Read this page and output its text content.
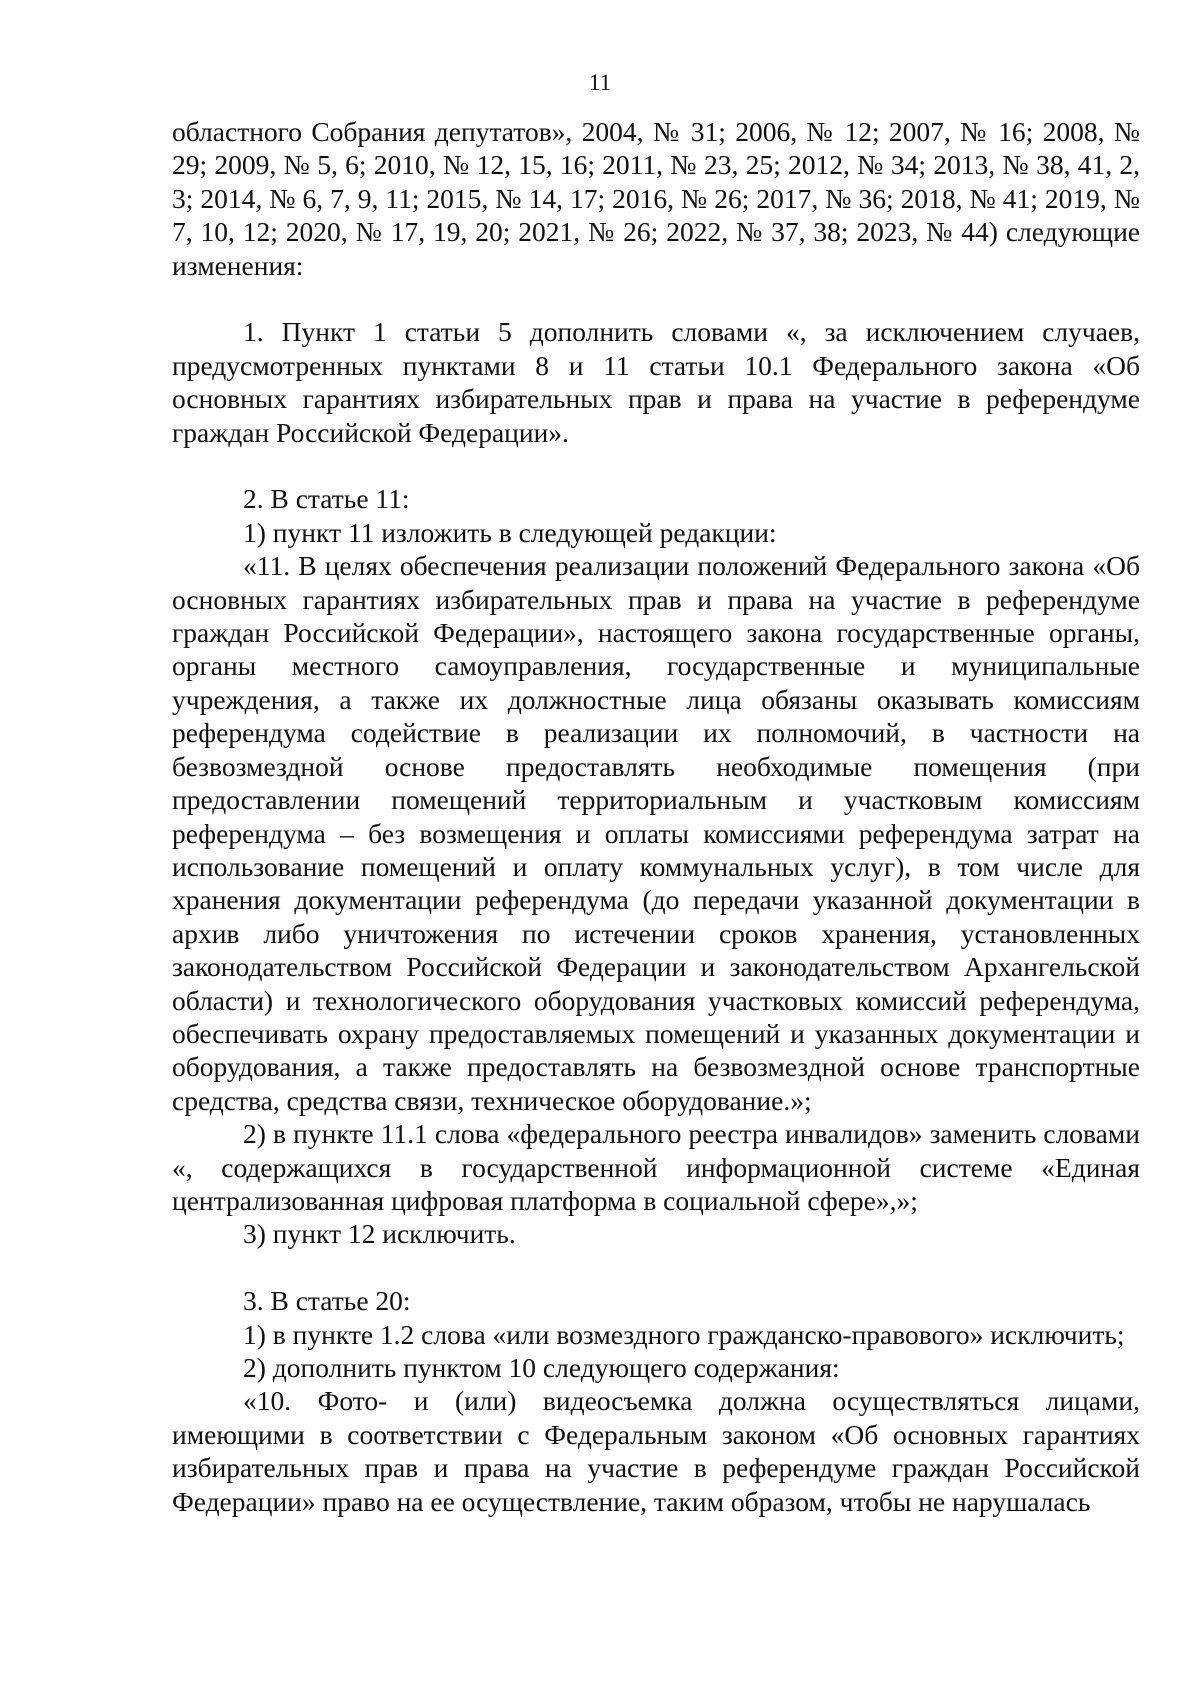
11

областного Собрания депутатов», 2004, № 31; 2006, № 12; 2007, № 16; 2008, № 29; 2009, № 5, 6; 2010, № 12, 15, 16; 2011, № 23, 25; 2012, № 34; 2013, № 38, 41, 2, 3; 2014, № 6, 7, 9, 11; 2015, № 14, 17; 2016, № 26; 2017, № 36; 2018, № 41; 2019, № 7, 10, 12; 2020, № 17, 19, 20; 2021, № 26; 2022, № 37, 38; 2023, № 44) следующие изменения:

1. Пункт 1 статьи 5 дополнить словами «, за исключением случаев, предусмотренных пунктами 8 и 11 статьи 10.1 Федерального закона «Об основных гарантиях избирательных прав и права на участие в референдуме граждан Российской Федерации».

2. В статье 11:

1) пункт 11 изложить в следующей редакции:

«11. В целях обеспечения реализации положений Федерального закона «Об основных гарантиях избирательных прав и права на участие в референдуме граждан Российской Федерации», настоящего закона государственные органы, органы местного самоуправления, государственные и муниципальные учреждения, а также их должностные лица обязаны оказывать комиссиям референдума содействие в реализации их полномочий, в частности на безвозмездной основе предоставлять необходимые помещения (при предоставлении помещений территориальным и участковым комиссиям референдума – без возмещения и оплаты комиссиями референдума затрат на использование помещений и оплату коммунальных услуг), в том числе для хранения документации референдума (до передачи указанной документации в архив либо уничтожения по истечении сроков хранения, установленных законодательством Российской Федерации и законодательством Архангельской области) и технологического оборудования участковых комиссий референдума, обеспечивать охрану предоставляемых помещений и указанных документации и оборудования, а также предоставлять на безвозмездной основе транспортные средства, средства связи, техническое оборудование.»;

2) в пункте 11.1 слова «федерального реестра инвалидов» заменить словами «, содержащихся в государственной информационной системе «Единая централизованная цифровая платформа в социальной сфере»,»;

3) пункт 12 исключить.

3. В статье 20:

1) в пункте 1.2 слова «или возмездного гражданско-правового» исключить;

2) дополнить пунктом 10 следующего содержания:

«10. Фото- и (или) видеосъемка должна осуществляться лицами, имеющими в соответствии с Федеральным законом «Об основных гарантиях избирательных прав и права на участие в референдуме граждан Российской Федерации» право на ее осуществление, таким образом, чтобы не нарушалась
